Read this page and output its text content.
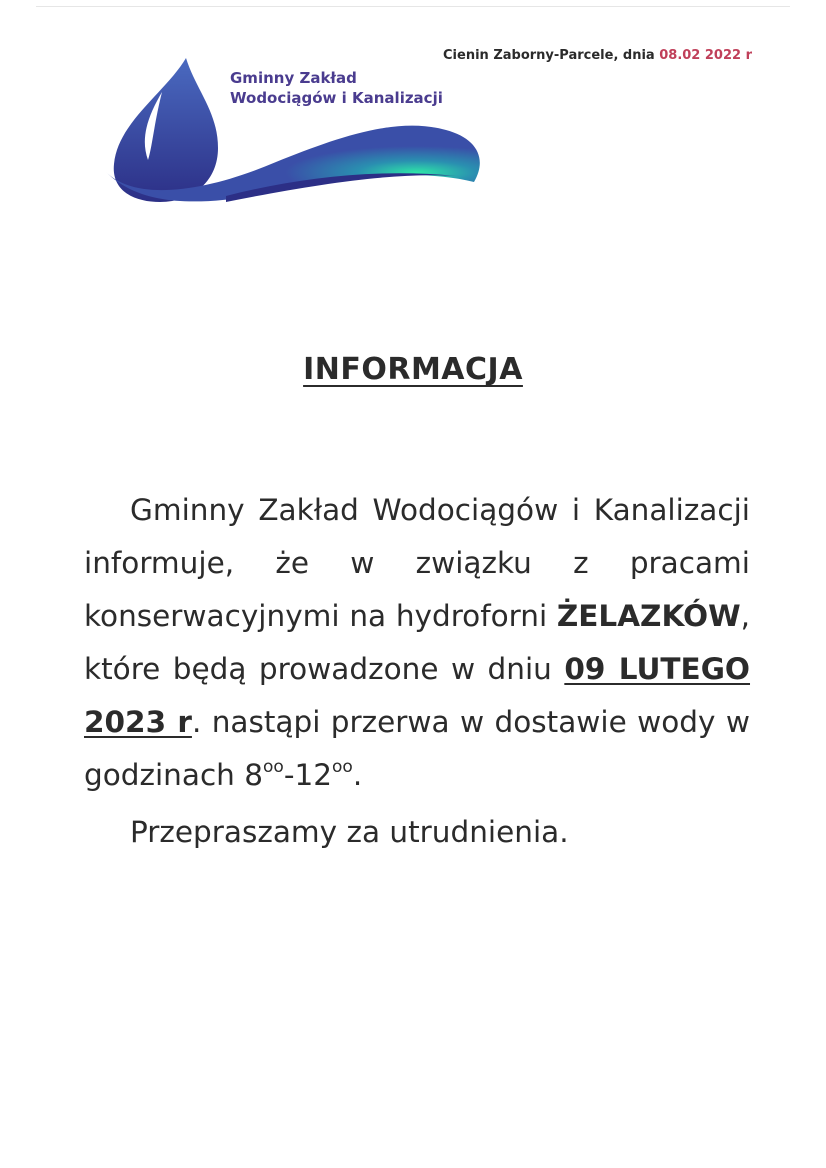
Gminny Zakład
Wodociągów i Kanalizacji
Cienin Zaborny-Parcele, dnia 08.02 2022 r
INFORMACJA

Gminny Zakład Wodociągów i Kanalizacji informuje, że w związku z pracami konserwacyjnymi na hydroforni ŻELAZKÓW, które będą prowadzone w dniu 09 LUTEGO 2023 r. nastąpi przerwa w dostawie wody w godzinach $8^{oo}-12^{oo}$.

Przepraszamy za utrudnienia.
